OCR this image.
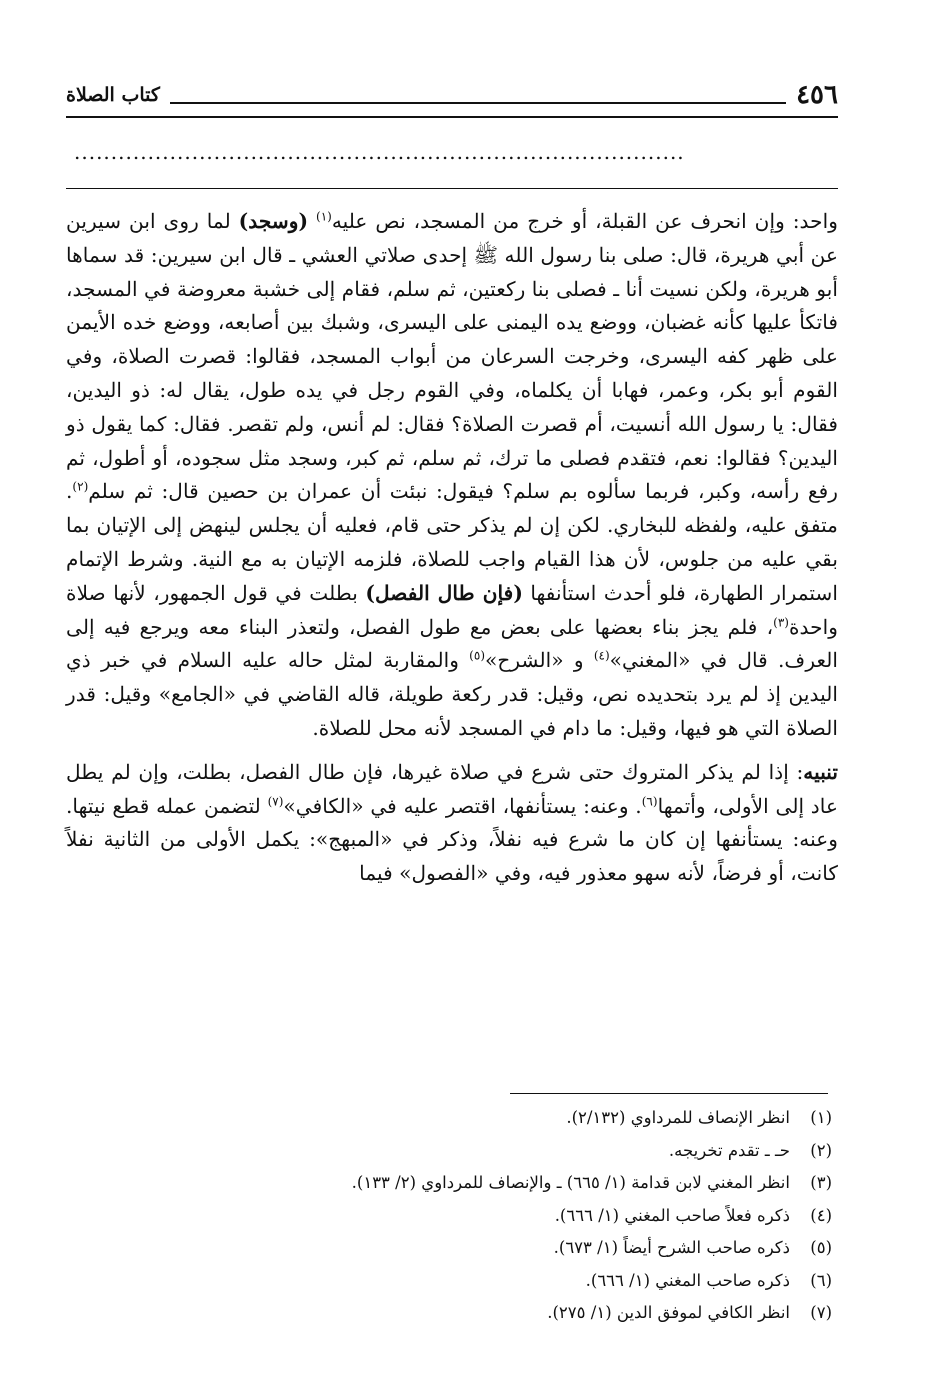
٤٥٦
كتاب الصلاة
...................................................................................

واحد: وإن انحرف عن القبلة، أو خرج من المسجد، نص عليه$^{(١)}$ (وسجد) لما روى ابن سيرين عن أبي هريرة، قال: صلى بنا رسول الله ﷺ إحدى صلاتي العشي ـ قال ابن سيرين: قد سماها أبو هريرة، ولكن نسيت أنا ـ فصلى بنا ركعتين، ثم سلم، فقام إلى خشبة معروضة في المسجد، فاتكأ عليها كأنه غضبان، ووضع يده اليمنى على اليسرى، وشبك بين أصابعه، ووضع خده الأيمن على ظهر كفه اليسرى، وخرجت السرعان من أبواب المسجد، فقالوا: قصرت الصلاة، وفي القوم أبو بكر، وعمر، فهابا أن يكلماه، وفي القوم رجل في يده طول، يقال له: ذو اليدين، فقال: يا رسول الله أنسيت، أم قصرت الصلاة؟ فقال: لم أنس، ولم تقصر. فقال: كما يقول ذو اليدين؟ فقالوا: نعم، فتقدم فصلى ما ترك، ثم سلم، ثم كبر، وسجد مثل سجوده، أو أطول، ثم رفع رأسه، وكبر، فربما سألوه بم سلم؟ فيقول: نبئت أن عمران بن حصين قال: ثم سلم$^{(٢)}$. متفق عليه، ولفظه للبخاري. لكن إن لم يذكر حتى قام، فعليه أن يجلس لينهض إلى الإتيان بما بقي عليه من جلوس، لأن هذا القيام واجب للصلاة، فلزمه الإتيان به مع النية. وشرط الإتمام استمرار الطهارة، فلو أحدث استأنفها (فإن طال الفصل) بطلت في قول الجمهور، لأنها صلاة واحدة$^{(٣)}$، فلم يجز بناء بعضها على بعض مع طول الفصل، ولتعذر البناء معه ويرجع فيه إلى العرف. قال في «المغني»$^{(٤)}$ و «الشرح»$^{(٥)}$ والمقاربة لمثل حاله عليه السلام في خبر ذي اليدين إذ لم يرد بتحديده نص، وقيل: قدر ركعة طويلة، قاله القاضي في «الجامع» وقيل: قدر الصلاة التي هو فيها، وقيل: ما دام في المسجد لأنه محل للصلاة.

تنبيه: إذا لم يذكر المتروك حتى شرع في صلاة غيرها، فإن طال الفصل، بطلت، وإن لم يطل عاد إلى الأولى، وأتمها$^{(٦)}$. وعنه: يستأنفها، اقتصر عليه في «الكافي»$^{(٧)}$ لتضمن عمله قطع نيتها. وعنه: يستأنفها إن كان ما شرع فيه نفلاً، وذكر في «المبهج»: يكمل الأولى من الثانية نفلاً كانت، أو فرضاً، لأنه سهو معذور فيه، وفي «الفصول» فيما

(١)
انظر الإنصاف للمرداوي (٢/١٣٢).
(٢)
حـ ـ تقدم تخريجه.
(٣)
انظر المغني لابن قدامة (١/ ٦٦٥) ـ والإنصاف للمرداوي (٢/ ١٣٣).
(٤)
ذكره فعلاً صاحب المغني (١/ ٦٦٦).
(٥)
ذكره صاحب الشرح أيضاً (١/ ٦٧٣).
(٦)
ذكره صاحب المغني (١/ ٦٦٦).
(٧)
انظر الكافي لموفق الدين (١/ ٢٧٥).
